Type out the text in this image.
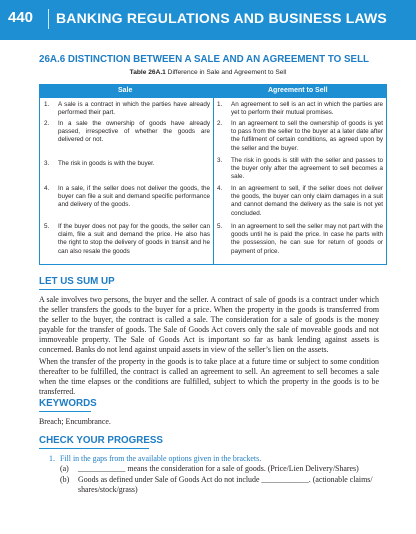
440 BANKING REGULATIONS AND BUSINESS LAWS
26A.6 DISTINCTION BETWEEN A SALE AND AN AGREEMENT TO SELL
Table 26A.1 Difference in Sale and Agreement to Sell
Sale	Agreement to Sell
1. A sale is a contract in which the parties have already performed their part.
1. An agreement to sell is an act in which the parties are yet to perform their mutual promises.
2. In a sale the ownership of goods have already passed, irrespective of whether the goods are delivered or not.
2. In an agreement to sell the ownership of goods is yet to pass from the seller to the buyer at a later date after the fulfilment of certain conditions, as agreed upon by the seller and the buyer.
3. The risk in goods is with the buyer.	3. The risk in goods is still with the seller and passes to the buyer only after the agreement to sell becomes a sale.
4. In a sale, if the seller does not deliver the goods, the buyer can file a suit and demand specific performance and delivery of the goods.
4. In an agreement to sell, if the seller does not deliver the goods, the buyer can only claim damages in a suit and cannot demand the delivery as the sale is not yet concluded.
5. If the buyer does not pay for the goods, the seller can claim, file a suit and demand the price. He also has the right to stop the delivery of goods in transit and he can also resale the goods
5. In an agreement to sell the seller may not part with the goods until he is paid the price. In case he parts with the possession, he can sue for return of goods or payment of price.
LET US SUM UP
A sale involves two persons, the buyer and the seller. A contract of sale of goods is a contract under which the seller transfers the goods to the buyer for a price. When the property in the goods is transferred from the seller to the buyer, the contract is called a sale. The consideration for a sale of goods is the money payable for the transfer of goods. The Sale of Goods Act covers only the sale of moveable goods and not immoveable property. The Sale of Goods Act is important so far as bank lending against assets is concerned. Banks do not lend against unpaid assets in view of the seller’s lien on the assets.
When the transfer of the property in the goods is to take place at a future time or subject to some condition thereafter to be fulfilled, the contract is called an agreement to sell. An agreement to sell becomes a sale when the time elapses or the conditions are fulfilled, subject to which the property in the goods is to be transferred.
KEYWORDS
Breach; Encumbrance.
CHECK YOUR PROGRESS
1. Fill in the gaps from the available options given in the brackets.
(a) ____________ means the consideration for a sale of goods. (Price/Lien Delivery/Shares)
(b) Goods as defined under Sale of Goods Act do not include ____________. (actionable claims/
shares/stock/grass)
